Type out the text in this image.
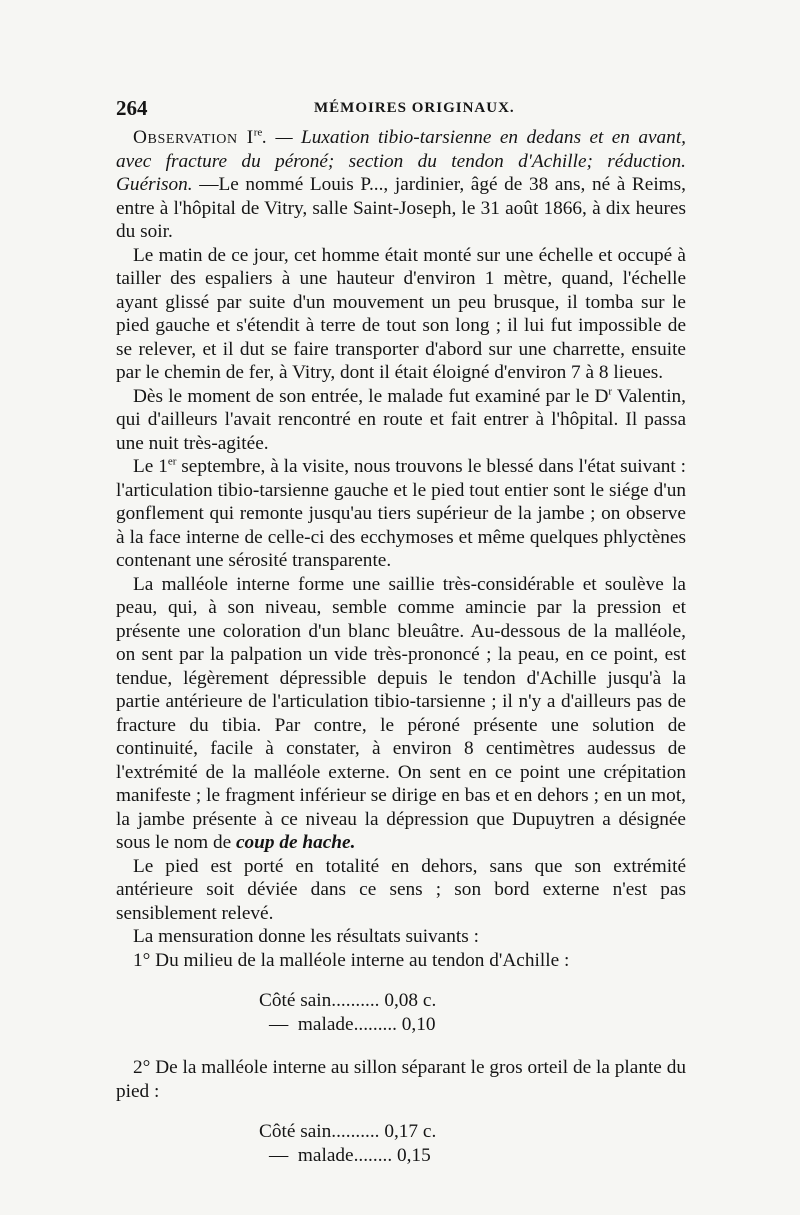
264	MÉMOIRES ORIGINAUX.

Observation Ire. — Luxation tibio-tarsienne en dedans et en avant, avec fracture du péroné; section du tendon d'Achille; réduction. Guérison. —Le nommé Louis P..., jardinier, âgé de 38 ans, né à Reims, entre à l'hôpital de Vitry, salle Saint-Joseph, le 31 août 1866, à dix heures du soir.

Le matin de ce jour, cet homme était monté sur une échelle et occupé à tailler des espaliers à une hauteur d'environ 1 mètre, quand, l'échelle ayant glissé par suite d'un mouvement un peu brusque, il tomba sur le pied gauche et s'étendit à terre de tout son long ; il lui fut impossible de se relever, et il dut se faire transporter d'abord sur une charrette, ensuite par le chemin de fer, à Vitry, dont il était éloigné d'environ 7 à 8 lieues.

Dès le moment de son entrée, le malade fut examiné par le $D^r$ Valentin, qui d'ailleurs l'avait rencontré en route et fait entrer à l'hôpital. Il passa une nuit très-agitée.

Le 1er septembre, à la visite, nous trouvons le blessé dans l'état suivant : l'articulation tibio-tarsienne gauche et le pied tout entier sont le siége d'un gonflement qui remonte jusqu'au tiers supérieur de la jambe ; on observe à la face interne de celle-ci des ecchymoses et même quelques phlyctènes contenant une sérosité transparente.

La malléole interne forme une saillie très-considérable et soulève la peau, qui, à son niveau, semble comme amincie par la pression et présente une coloration d'un blanc bleuâtre. Au-dessous de la malléole, on sent par la palpation un vide très-prononcé ; la peau, en ce point, est tendue, légèrement dépressible depuis le tendon d'Achille jusqu'à la partie antérieure de l'articulation tibio-tarsienne ; il n'y a d'ailleurs pas de fracture du tibia. Par contre, le péroné présente une solution de continuité, facile à constater, à environ 8 centimètres audessus de l'extrémité de la malléole externe. On sent en ce point une crépitation manifeste ; le fragment inférieur se dirige en bas et en dehors ; en un mot, la jambe présente à ce niveau la dépression que Dupuytren a désignée sous le nom de coup de hache.

Le pied est porté en totalité en dehors, sans que son extrémité antérieure soit déviée dans ce sens ; son bord externe n'est pas sensiblement relevé.

La mensuration donne les résultats suivants :

1° Du milieu de la malléole interne au tendon d'Achille :

Côté sain.......... 0,08 c.

—  malade......... 0,10

2° De la malléole interne au sillon séparant le gros orteil de la plante du pied :

Côté sain.......... 0,17 c.

—  malade........ 0,15
